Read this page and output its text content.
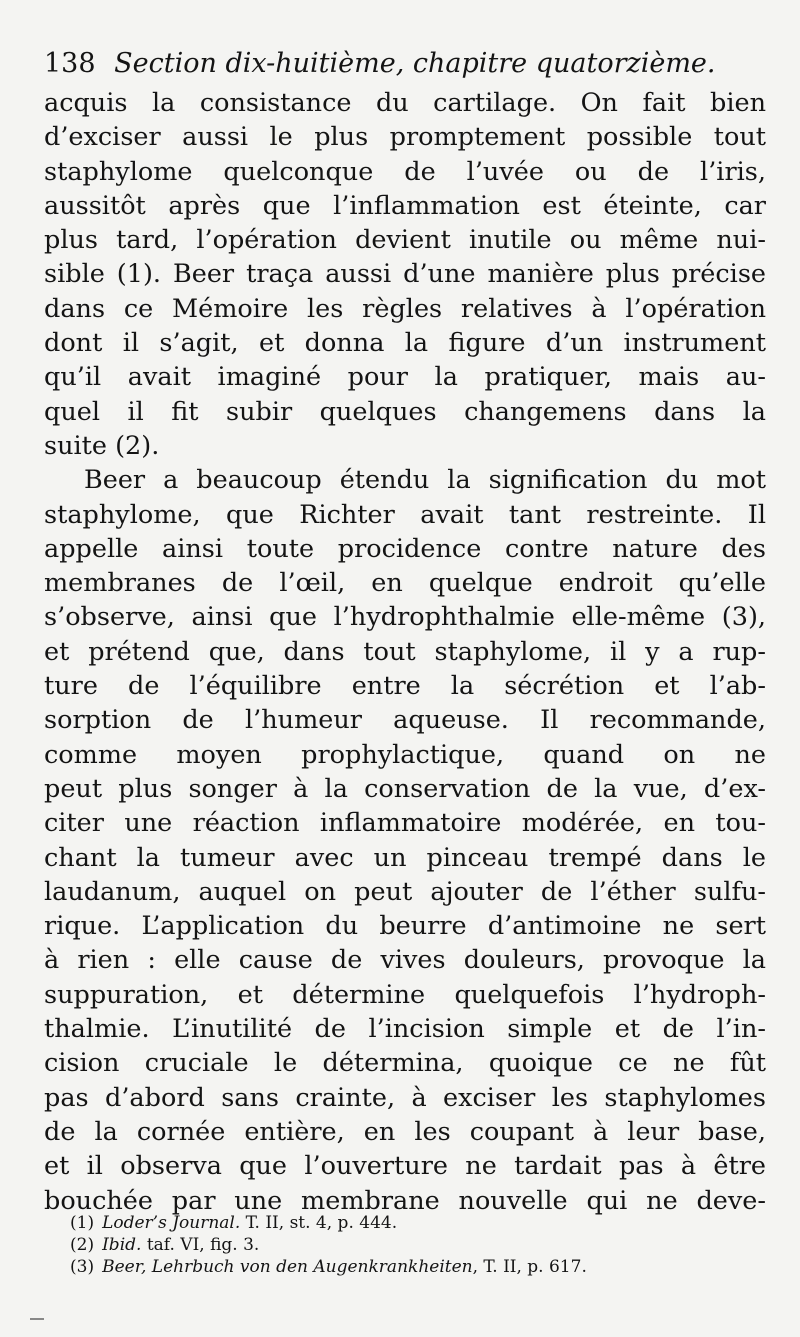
138 Section dix-huitième, chapitre quatorzième.
acquis la consistance du cartilage. On fait bien
d’exciser aussi le plus promptement possible tout
staphylome quelconque de l’uvée ou de l’iris,
aussitôt après que l’inflammation est éteinte, car
plus tard, l’opération devient inutile ou même nui-
sible (1). Beer traça aussi d’une manière plus précise
dans ce Mémoire les règles relatives à l’opération
dont il s’agit, et donna la figure d’un instrument
qu’il avait imaginé pour la pratiquer, mais au-
quel il fit subir quelques changemens dans la
suite (2).
Beer a beaucoup étendu la signification du mot
staphylome, que Richter avait tant restreinte. Il
appelle ainsi toute procidence contre nature des
membranes de l’œil, en quelque endroit qu’elle
s’observe, ainsi que l’hydrophthalmie elle-même (3),
et prétend que, dans tout staphylome, il y a rup-
ture de l’équilibre entre la sécrétion et l’ab-
sorption de l’humeur aqueuse. Il recommande,
comme moyen prophylactique, quand on ne
peut plus songer à la conservation de la vue, d’ex-
citer une réaction inflammatoire modérée, en tou-
chant la tumeur avec un pinceau trempé dans le
laudanum, auquel on peut ajouter de l’éther sulfu-
rique. L’application du beurre d’antimoine ne sert
à rien : elle cause de vives douleurs, provoque la
suppuration, et détermine quelquefois l’hydroph-
thalmie. L’inutilité de l’incision simple et de l’in-
cision cruciale le détermina, quoique ce ne fût
pas d’abord sans crainte, à exciser les staphylomes
de la cornée entière, en les coupant à leur base,
et il observa que l’ouverture ne tardait pas à être
bouchée par une membrane nouvelle qui ne deve-
(1) Loder’s Journal. T. II, st. 4, p. 444.
(2) Ibid. taf. VI, fig. 3.
(3) Beer, Lehrbuch von den Augenkrankheiten, T. II, p. 617.
